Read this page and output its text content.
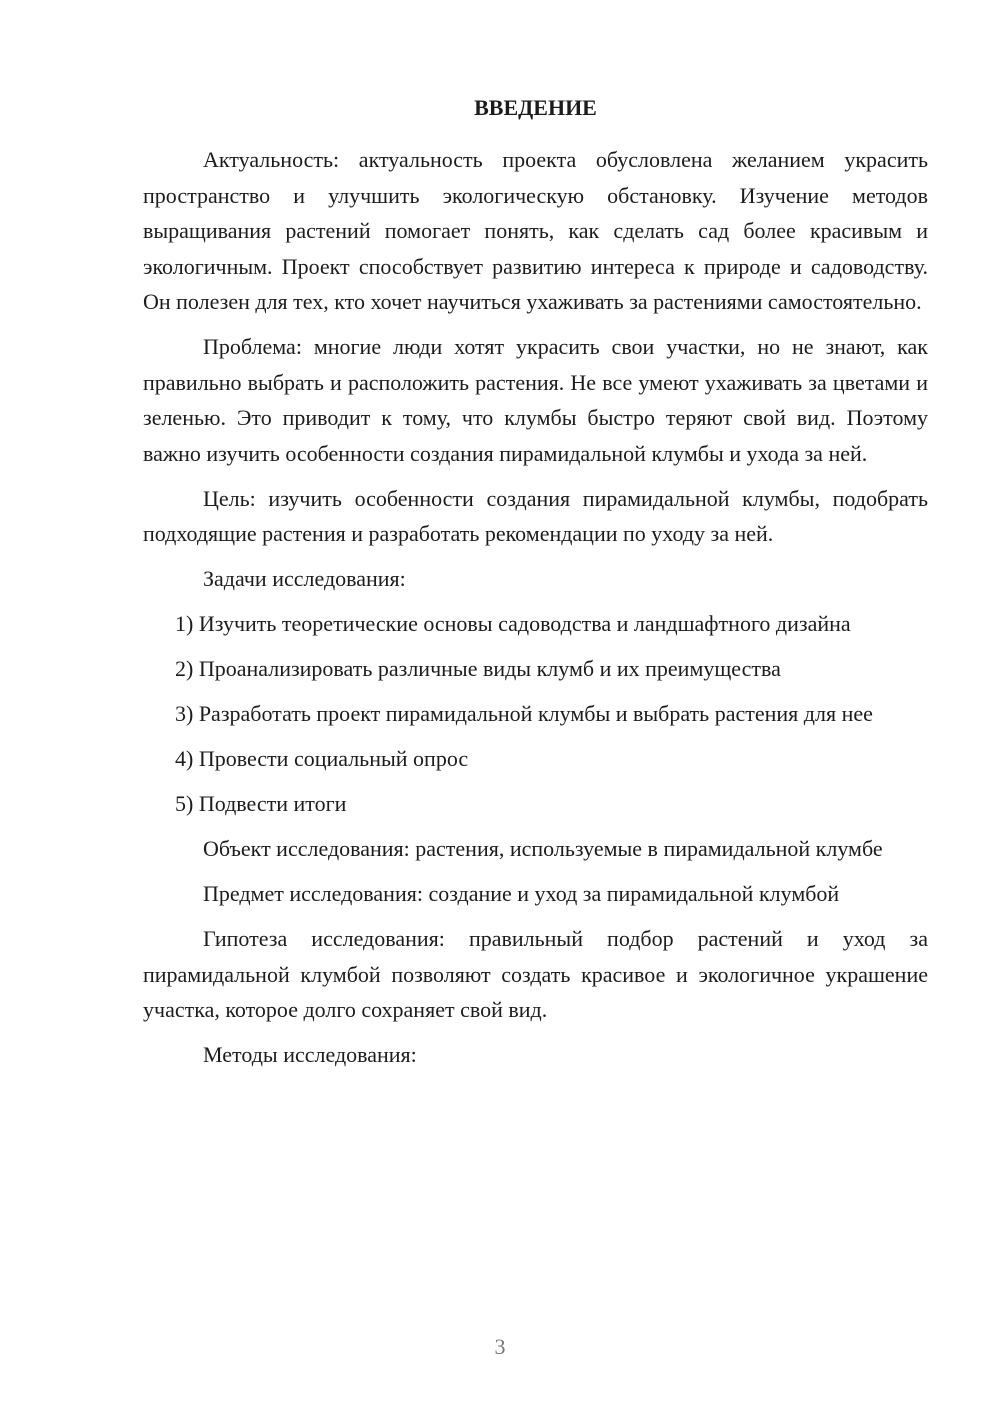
ВВЕДЕНИЕ

Актуальность: актуальность проекта обусловлена желанием украсить пространство и улучшить экологическую обстановку. Изучение методов выращивания растений помогает понять, как сделать сад более красивым и экологичным. Проект способствует развитию интереса к природе и садоводству. Он полезен для тех, кто хочет научиться ухаживать за растениями самостоятельно.

Проблема: многие люди хотят украсить свои участки, но не знают, как правильно выбрать и расположить растения. Не все умеют ухаживать за цветами и зеленью. Это приводит к тому, что клумбы быстро теряют свой вид. Поэтому важно изучить особенности создания пирамидальной клумбы и ухода за ней.

Цель: изучить особенности создания пирамидальной клумбы, подобрать подходящие растения и разработать рекомендации по уходу за ней.

Задачи исследования:

1) Изучить теоретические основы садоводства и ландшафтного дизайна

2) Проанализировать различные виды клумб и их преимущества

3) Разработать проект пирамидальной клумбы и выбрать растения для нее

4) Провести социальный опрос

5) Подвести итоги

Объект исследования: растения, используемые в пирамидальной клумбе

Предмет исследования: создание и уход за пирамидальной клумбой

Гипотеза исследования: правильный подбор растений и уход за пирамидальной клумбой позволяют создать красивое и экологичное украшение участка, которое долго сохраняет свой вид.

Методы исследования:

3
